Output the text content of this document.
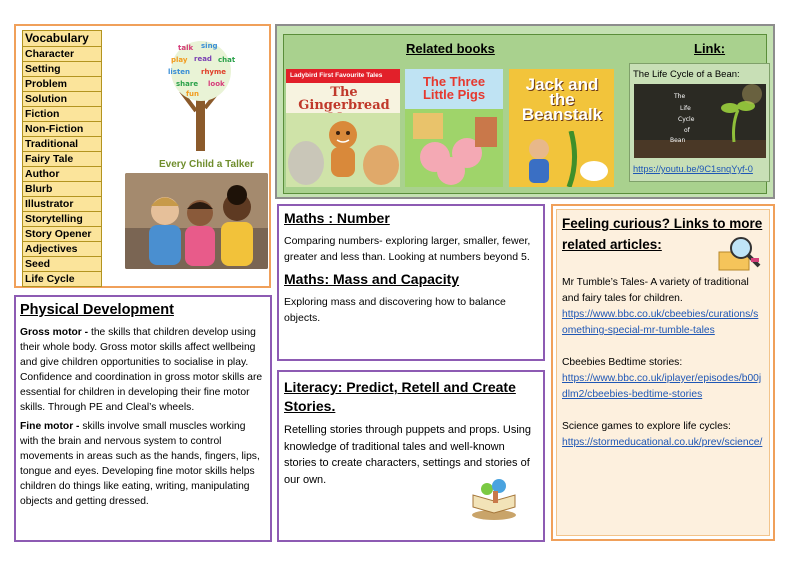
Vocabulary
Character
Setting
Problem
Solution
Fiction
Non-Fiction
Traditional
Fairy Tale
Author
Blurb
Illustrator
Storytelling
Story Opener
Adjectives
Seed
Life Cycle
talk sing
play read chat
listen rhyme
share look
fun
Every Child a Talker
Physical Development
Gross motor - the skills that children develop using their whole body. Gross motor skills affect wellbeing and give children opportunities to socialise in play. Confidence and coordination in gross motor skills are essential for children in developing their fine motor skills. Through PE and Cleal’s wheels.
Fine motor - skills involve small muscles working with the brain and nervous system to control movements in areas such as the hands, fingers, lips, tongue and eyes. Developing fine motor skills helps children do things like eating, writing, manipulating objects and getting dressed.
Related books	Link:
Ladybird First Favourite Tales
The Gingerbread
The Three Little Pigs
Jack and the Beanstalk
The Life Cycle of a Bean:
The
Life
Cycle
of
Bean
https://youtu.be/9C1snqYyf-0
Maths : Number
Comparing numbers- exploring larger, smaller, fewer, greater and less than. Looking at numbers beyond 5.
Maths: Mass and Capacity
Exploring mass and discovering how to balance objects.
Literacy: Predict, Retell and Create Stories.
Retelling stories through puppets and props. Using knowledge of traditional tales and well-known stories to create characters, settings and stories of our own.
Feeling curious? Links to more related articles:
Mr Tumble’s Tales- A variety of traditional and fairy tales for children.
https://www.bbc.co.uk/cbeebies/curations/something-special-mr-tumble-tales
Cbeebies Bedtime stories:
https://www.bbc.co.uk/iplayer/episodes/b00jdlm2/cbeebies-bedtime-stories
Science games to explore life cycles:
https://stormeducational.co.uk/prev/science/
